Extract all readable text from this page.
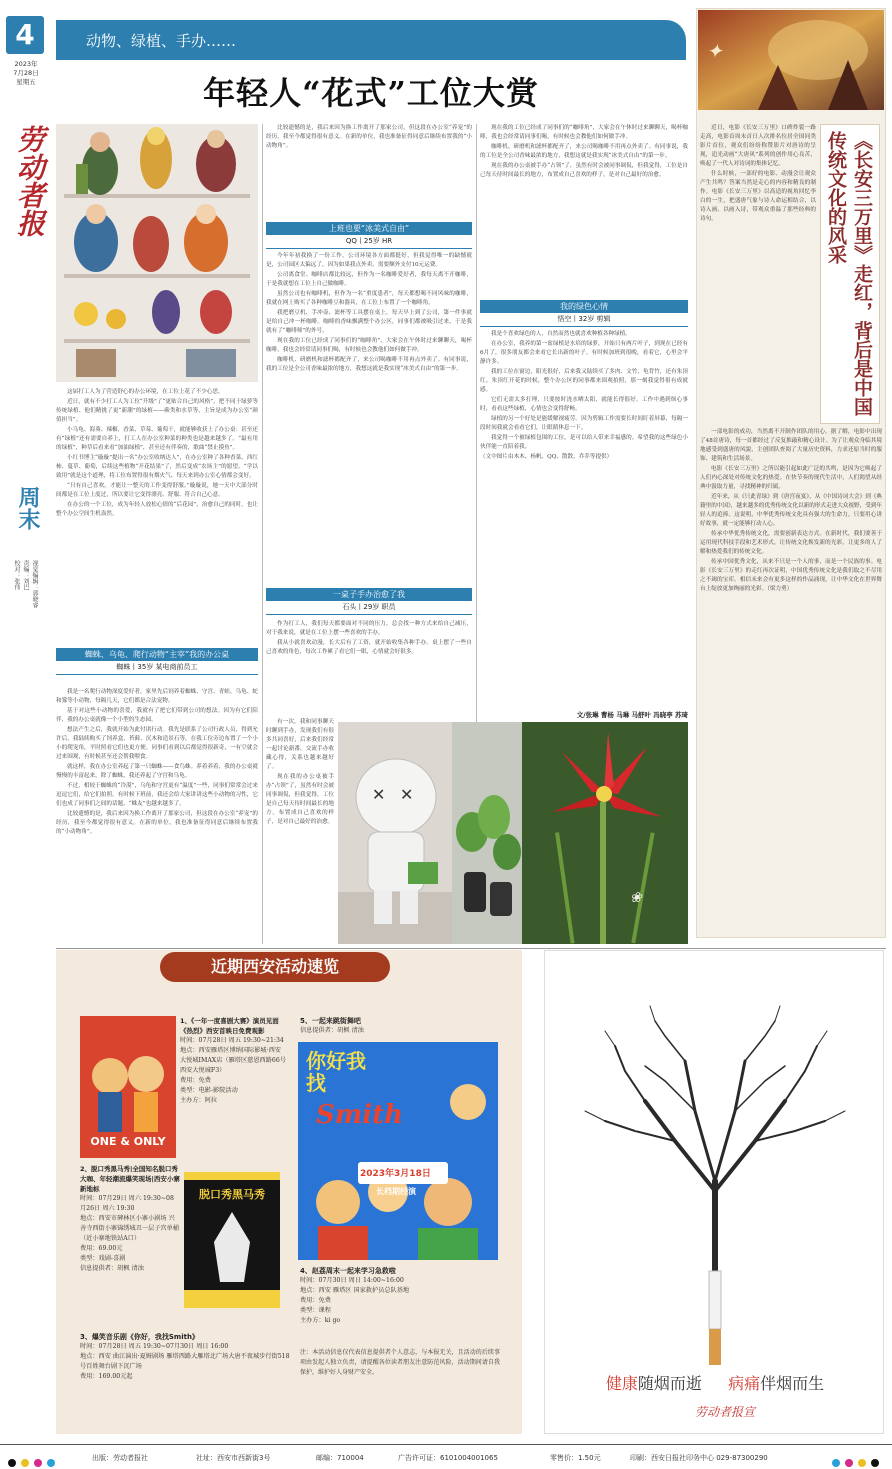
4
2023年
7月28日
星期五
劳动者报
周末
视觉编辑：郭晓睿
责编：刘巴
校对：张伟
动物、绿植、手办……
年轻人“花式”工位大赏

这届打工人为了营造舒心的办公环境，在工位上花了不少心思。

近日，就有不少打工人为工位“升级”了“更贴合自己的风格”，把不同于绿萝等传统绿植、他们精挑了更“新潮”的绿植——蕨类和水草等，主旨是成为办公室“颜值担当”。

小乌龟、海葵、辣椒、香菜、草莓、葡萄干，就能够收获上了办公桌：甚至还有“绿植”还有需要自养上，打工人在办公室种菜的种类也是越来越多了。“最有用的绿植”，种草后看来看“加油绿植”，甚至还有伴奏的，歌曲“禁止摸鱼”。

小红书博主“璇璇”提出一名“办公室收纳达人”，在办公室种了各种香菜、西红柿、蔓草、葡萄，后续这些植物“开花结果”了，然后变成“农场主”的愿望。“学以致用”就是这个道理，将工位布置得很有烟火气、每天来到办公室心情都会变好。

“只有自己喜欢，才能让一整天的工作变得舒服。”璇璇说，她一天中大部分时间都是在工位上度过，所以要让它变得漂亮、舒服、符合自己心意。

在办公的一个工位，成为年轻人放松心情的“后花园”，治愈自己的同时，也让整个办公空间生机盎然。

蜘蛛、乌龟、爬行动物“主宰”我的办公桌
蜘蛛丨35岁 某电商前员工

我是一名爬行动物深度爱好者，家里先后饲养着蜘蛛、守宫、青蛙、乌龟、蛇和獴等小动物，每隔几天，它们都是合法宠物。

基于对这些小动物的喜爱，我就有了把它们带到公司的想法。因为有它们陪伴，我的办公桌就像一个小型的生态园。

想法产生之后，我就开始为此付诸行动。我先是联系了公司行政人员，得到允许后，我陆续购买了饲养盒、苔藓、沉木和造景石等，在我工位旁边布置了一个小小的爬宠角，平时照看它们也更方便。同事们看到以后都觉得很新奇，一有空就会过来围观，有时候甚至还会帮我喂食。

就这样，我在办公室养起了第一只蜘蛛——食鸟蛛。养着养着，我的办公桌就慢慢的丰富起来，除了蜘蛛，我还养起了守宫和乌龟。

不过，相较于蜘蛛的“冷漠”，乌龟和守宫更有“温度”一些，同事们常常会过来逗逗它们，给它们拍照。有时候下班前，我还会给大家讲讲这些小动物的习性，它们也成了同事们之间的话题，“蛛友”也越来越多了。

比较遗憾的是，我后来因为换工作离开了那家公司，但这段在办公室“养宠”的经历，我至今都觉得很有意义。在新的单位，我也准备征得同意后继续布置我的“小动物角”。

比较遗憾的是，我后来因为换工作离开了那家公司，但这段在办公室“养宠”的经历，我至今都觉得很有意义。在新的单位，我也准备征得同意后继续布置我的“小动物角”。

上班也要“冰美式自由”
QQ丨25岁 HR

今年年初我换了一份工作，公司环境各方面都挺好，但我觉得唯一的缺憾就是，公司园区太偏远了，因为如果我点外卖，需要额外支付10元运费。

公司离食堂、咖啡店都比较远，但作为一名咖啡爱好者，我每天离不开咖啡，于是我就想在工位上自己做咖啡。

虽然公司也有咖啡机，但作为一名“重度患者”，每天都想喝不同风味的咖啡，我就在网上购买了各种咖啡豆和器具，在工位上布置了一个咖啡角。

我把磨豆机、手冲壶、滤杯等工具摆在桌上，每天早上到了公司，第一件事就是给自己冲一杯咖啡。咖啡的香味飘满整个办公区，同事们都被吸引过来，于是我就有了“咖啡师”的外号。

现在我的工位已经成了同事们的“咖啡角”，大家会在午休时过来聊聊天，喝杯咖啡，我也会经常请同事们喝，有时候也会教他们如何做手冲。

咖啡机、研磨机和滤杯都配齐了，来公司喝咖啡不用再点外卖了。有同事说，我的工位是全公司香味最浓的地方，我想这就是我实现“冰美式自由”的第一步。

一桌子手办治愈了我
石头丨29岁 职员

作为打工人，我们每天都要面对不同的压力，总会找一种方式来给自己减压，对于我来说，就是在工位上摆一些喜欢的手办。

我从小就喜欢动漫，长大后有了工资，就开始收集各种手办。桌上摆了一些自己喜欢的角色，每次工作累了看它们一眼，心情就会好很多。

有一次，我和同事聊天时聊到手办，发现我们有很多共同喜好，后来我们经常一起讨论新番，交流手办收藏心得，关系也越来越好了。

现在我的办公桌被手办“占领”了，虽然有时会被同事调侃，但我觉得，工位是自己每天待时间最长的地方，布置成自己喜欢的样子，是对自己最好的治愈。

现在我的工位已经成了同事们的“咖啡角”，大家会在午休时过来聊聊天，喝杯咖啡，我也会经常请同事们喝，有时候也会教他们如何做手冲。

咖啡机、研磨机和滤杯都配齐了，来公司喝咖啡不用再点外卖了。有同事说，我的工位是全公司香味最浓的地方，我想这就是我实现“冰美式自由”的第一步。

现在我的办公桌被手办“占领”了，虽然有时会被同事调侃，但我觉得，工位是自己每天待时间最长的地方，布置成自己喜欢的样子，是对自己最好的治愈。

我的绿色心情
悟空丨32岁 剪辑

我是个喜欢绿色的人，自然而然也就喜欢种植各种绿植。

在办公室，我养的第一盆绿植是水培的绿萝，开始只有两片叶子，到现在已经有6月了，很多朋友都会来看它长出新的叶子。有时候加班到很晚，看着它，心里会平静许多。

我的工位在窗边，阳光很好，后来我又陆续买了多肉、文竹、龟背竹，还有朱顶红。朱顶红开花的时候，整个办公区的同事都来围观拍照，那一刻我觉得很有成就感。

它们无需太多打理，只要按时浇水晒太阳，就能长得很好。工作中遇到烦心事时，看看这些绿植，心情也会变得舒畅。

绿植的另一个好处是能缓解视疲劳。因为剪辑工作需要长时间盯着屏幕，每隔一段时间我就会看看它们，让眼睛休息一下。

我觉得一个被绿植包围的工位，是可以给人带来幸福感的。希望我的这些绿色小伙伴能一直陪着我。

（文中图片由木木、杨帆、QQ、散散、乔乔等提供）

文/张琳 曹杨 马琳 马舒叶 冯晓亭 苏琦
✕ ✕
❀
✦
《长安三万里》走红，背后是中国传统文化的风采

近日，电影《长安三万里》口碑炸裂一路走高，电影首周末首日人次排名位居全国同类影片首位，观众们纷纷称赞影片对唐诗的呈现，追光动画“大唐风”系列的创作用心良苦，唤起了一代人对诗词的集体记忆。

什么时候，一部好的电影、动漫会让观众产生共鸣？答案当然是走心的内容和精良的制作。电影《长安三万里》以高适的视角回忆李白的一生，把盛唐气象与诗人命运相结合，以诗入画、以画入诗，带观众重温了那些经典的诗句。

一部电影的成功，当然离不开制作团队的用心。据了解，电影中出现了48首唐诗，每一首都经过了反复推敲和精心设计。为了让观众身临其境地感受到盛唐的风貌，主创团队查阅了大量历史资料，力求还原当时的服饰、建筑和生活场景。

电影《长安三万里》之所以能引起如此广泛的共鸣，是因为它唤起了人们内心深处对传统文化的热爱。在快节奏的现代生活中，人们渴望从经典中汲取力量，寻找精神的归属。

近年来，从《只此青绿》到《唐宫夜宴》，从《中国诗词大会》到《典籍里的中国》，越来越多的优秀传统文化以新的形式走进大众视野，受到年轻人的追捧。这说明，中华优秀传统文化具有强大的生命力，只要用心讲好故事，就一定能够打动人心。

传承中华优秀传统文化，需要创新表达方式。在新时代，我们要善于运用现代科技手段和艺术形式，让传统文化焕发新的光彩，让更多的人了解和热爱我们的传统文化。

传承中国优秀文化，从来不只是一个人的事，而是一个民族的事。电影《长安三万里》的走红再次证明，中国优秀传统文化是我们取之不尽用之不竭的宝库。相信未来会有更多这样的作品涌现，让中华文化在世界舞台上绽放更加绚丽的光彩。（梁力勇）

近期西安活动速览
ONE & ONLY
1、《一年一度喜剧大赛》演员见面《热烈》西安首映日免费观影
时间：07月28日 周五 19:30~21:34
地点：西安雁塔区博纳国际影城·西安大悦城IMAX店（雁塔区慈恩西路66号西安大悦城F3）
费用：免费
类型：电影-影院活动
主办方：阿拉
2、脱口秀黑马秀|全国知名脱口秀大咖、年轻潮流爆笑现场|西安小寨新地标
时间：07月29日 周六 19:30~08月26日 周六 19:30
地点：西安市碑林区小寨小剧场 兴善寺西街小寨锦绣城丑一层子宫单桶（近小寨地铁站A口）
费用：69.00元
类型：戏剧-喜剧
信息提供者：胡枫 清浊
脱口秀黑马秀
3、爆笑音乐剧《你好，我找Smith》
时间：07月28日 周五 19:30~07月30日 周日 16:00
地点：西安 曲江演出·夏姆剧场 雁塔西路大雁塔北广场大唐不夜城步行街518号百姓舞台剧下沉广场
费用：169.00元起
5、一起来跳街舞吧
信息提供者：胡枫 清浊
你好我找
Smith
2023年3月18日
长档期经演
4、赵荔周末一起来学习急救啦
时间：07月30日 周日 14:00~16:00
地点：西安 雁塔区 国家救护员总队基地
费用：免费
类型：课程
主办方：ki go
注：本活动信息仅代表信息提供者个人意志，与本报无关，且活动的后续事项由发起人独立负责，请提醒各位读者朋友注意防范风险，活动期间请自我保护，维护好人身财产安全。
健康随烟而逝 病痛伴烟而生
劳动者报宣

出版：劳动者报社	社址：西安市西新街3号	邮编：710004	广告许可证：6101004001065	零售价：1.50元	印刷：西安日报社印务中心 029-87300290
